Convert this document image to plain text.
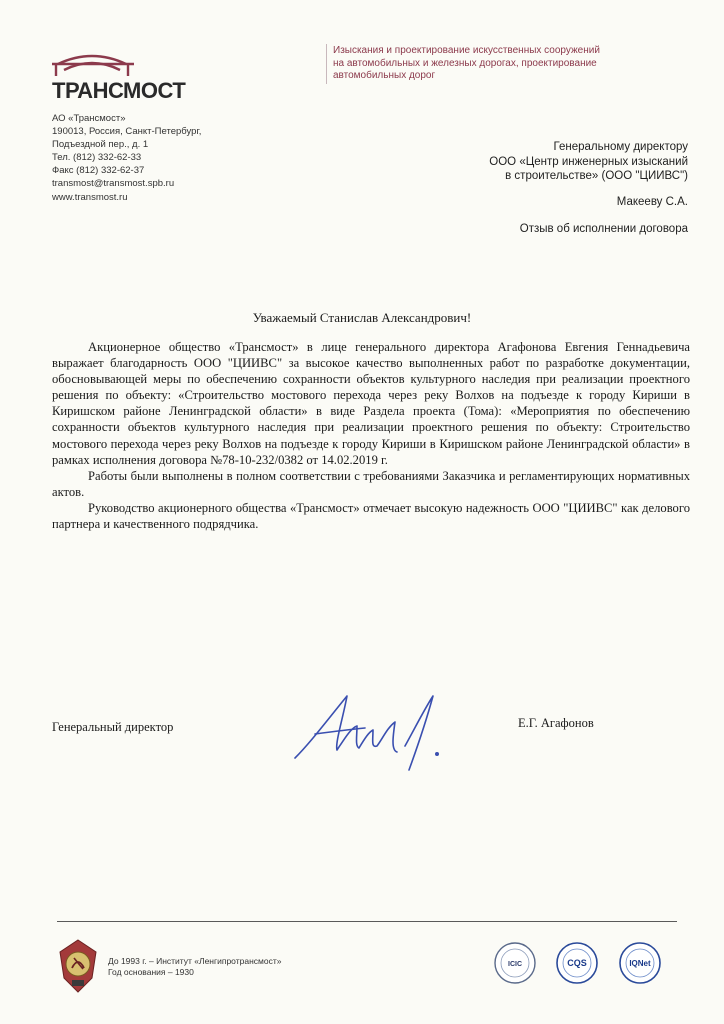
ТРАНСМОСТ
Изыскания и проектирование искусственных сооружений
на автомобильных и железных дорогах, проектирование
автомобильных дорог
АО «Трансмост»
190013, Россия, Санкт-Петербург,
Подъездной пер., д. 1
Тел. (812) 332-62-33
Факс (812) 332-62-37
transmost@transmost.spb.ru
www.transmost.ru
Генеральному директору
ООО «Центр инженерных изысканий
в строительстве» (ООО "ЦИИВС")
Макееву С.А.
Отзыв об исполнении договора
Уважаемый Станислав Александрович!

Акционерное общество «Трансмост» в лице генерального директора Агафонова Евгения Геннадьевича выражает благодарность ООО "ЦИИВС" за высокое качество выполненных работ по разработке документации, обосновывающей меры по обеспечению сохранности объектов культурного наследия при реализации проектного решения по объекту: «Строительство мостового перехода через реку Волхов на подъезде к городу Кириши в Киришском районе Ленинградской области» в виде Раздела проекта (Тома): «Мероприятия по обеспечению сохранности объектов культурного наследия при реализации проектного решения по объекту: Строительство мостового перехода через реку Волхов на подъезде к городу Кириши в Киришском районе Ленинградской области» в рамках исполнения договора №78-10-232/0382 от 14.02.2019 г.

Работы были выполнены в полном соответствии с требованиями Заказчика и регламентирующих нормативных актов.

Руководство акционерного общества «Трансмост» отмечает высокую надежность ООО "ЦИИВС" как делового партнера и качественного подрядчика.

Генеральный директор	Е.Г. Агафонов
До 1993 г. – Институт «Ленгипротрансмост»
Год основания – 1930
ICIC	CQS	IQNet
